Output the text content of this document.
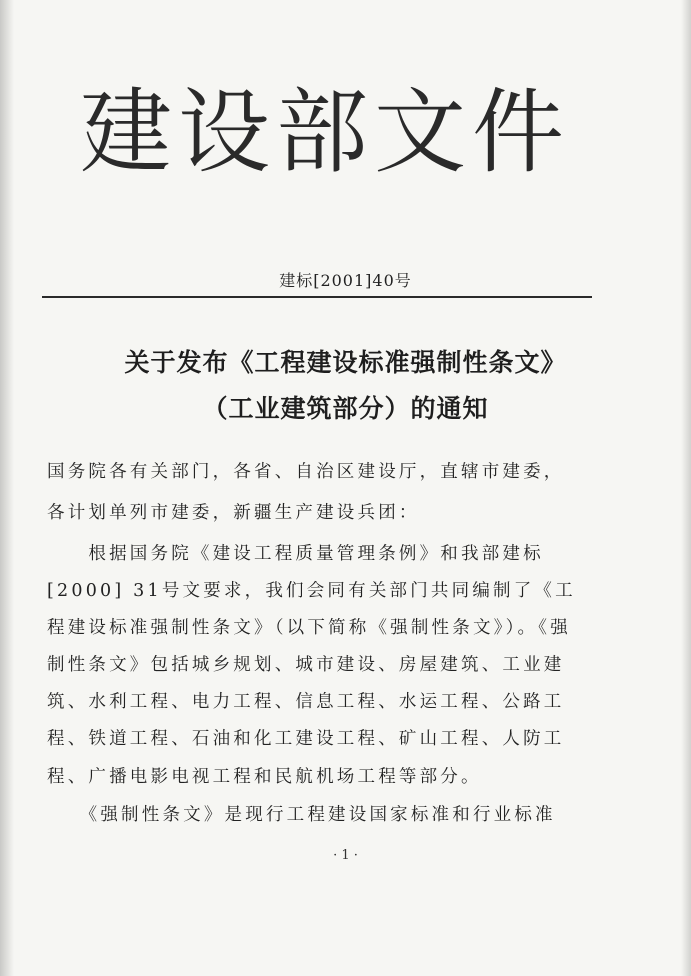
建设部文件
建标[2001]40号
关于发布《工程建设标准强制性条文》
（工业建筑部分）的通知
国务院各有关部门，各省、自治区建设厅，直辖市建委，
各计划单列市建委，新疆生产建设兵团：
　　根据国务院《建设工程质量管理条例》和我部建标
[2000] 31号文要求，我们会同有关部门共同编制了《工
程建设标准强制性条文》（以下简称《强制性条文》）。《强
制性条文》包括城乡规划、城市建设、房屋建筑、工业建
筑、水利工程、电力工程、信息工程、水运工程、公路工
程、铁道工程、石油和化工建设工程、矿山工程、人防工
程、广播电影电视工程和民航机场工程等部分。
　　《强制性条文》是现行工程建设国家标准和行业标准
· 1 ·
